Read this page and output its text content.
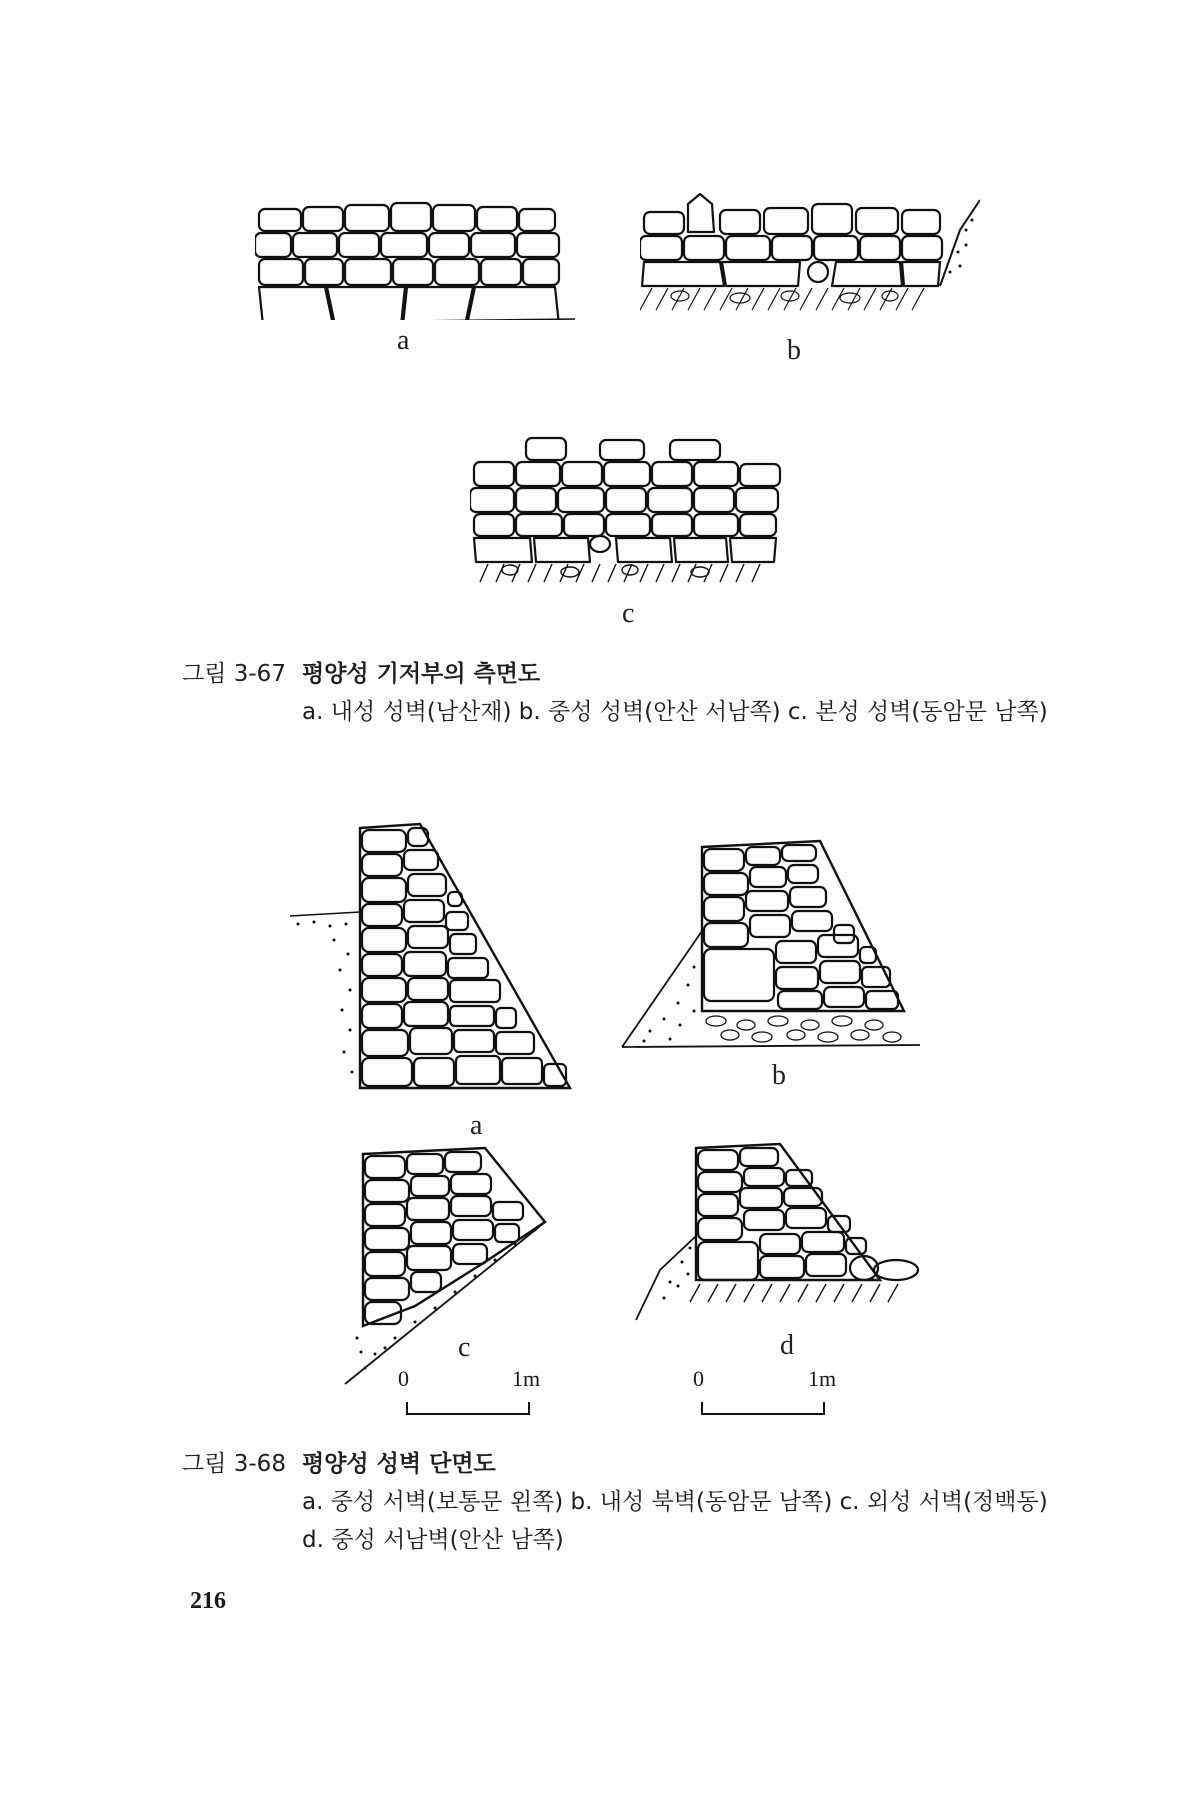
a	b
c
그림 3-67 평양성 기저부의 측면도
a. 내성 성벽(남산재) b. 중성 성벽(안산 서남쪽) c. 본성 성벽(동암문 남쪽)
a
b
c	d
0	1m	0	1m
그림 3-68 평양성 성벽 단면도
a. 중성 서벽(보통문 왼쪽) b. 내성 북벽(동암문 남쪽) c. 외성 서벽(정백동) d. 중성 서남벽(안산 남쪽)
216
